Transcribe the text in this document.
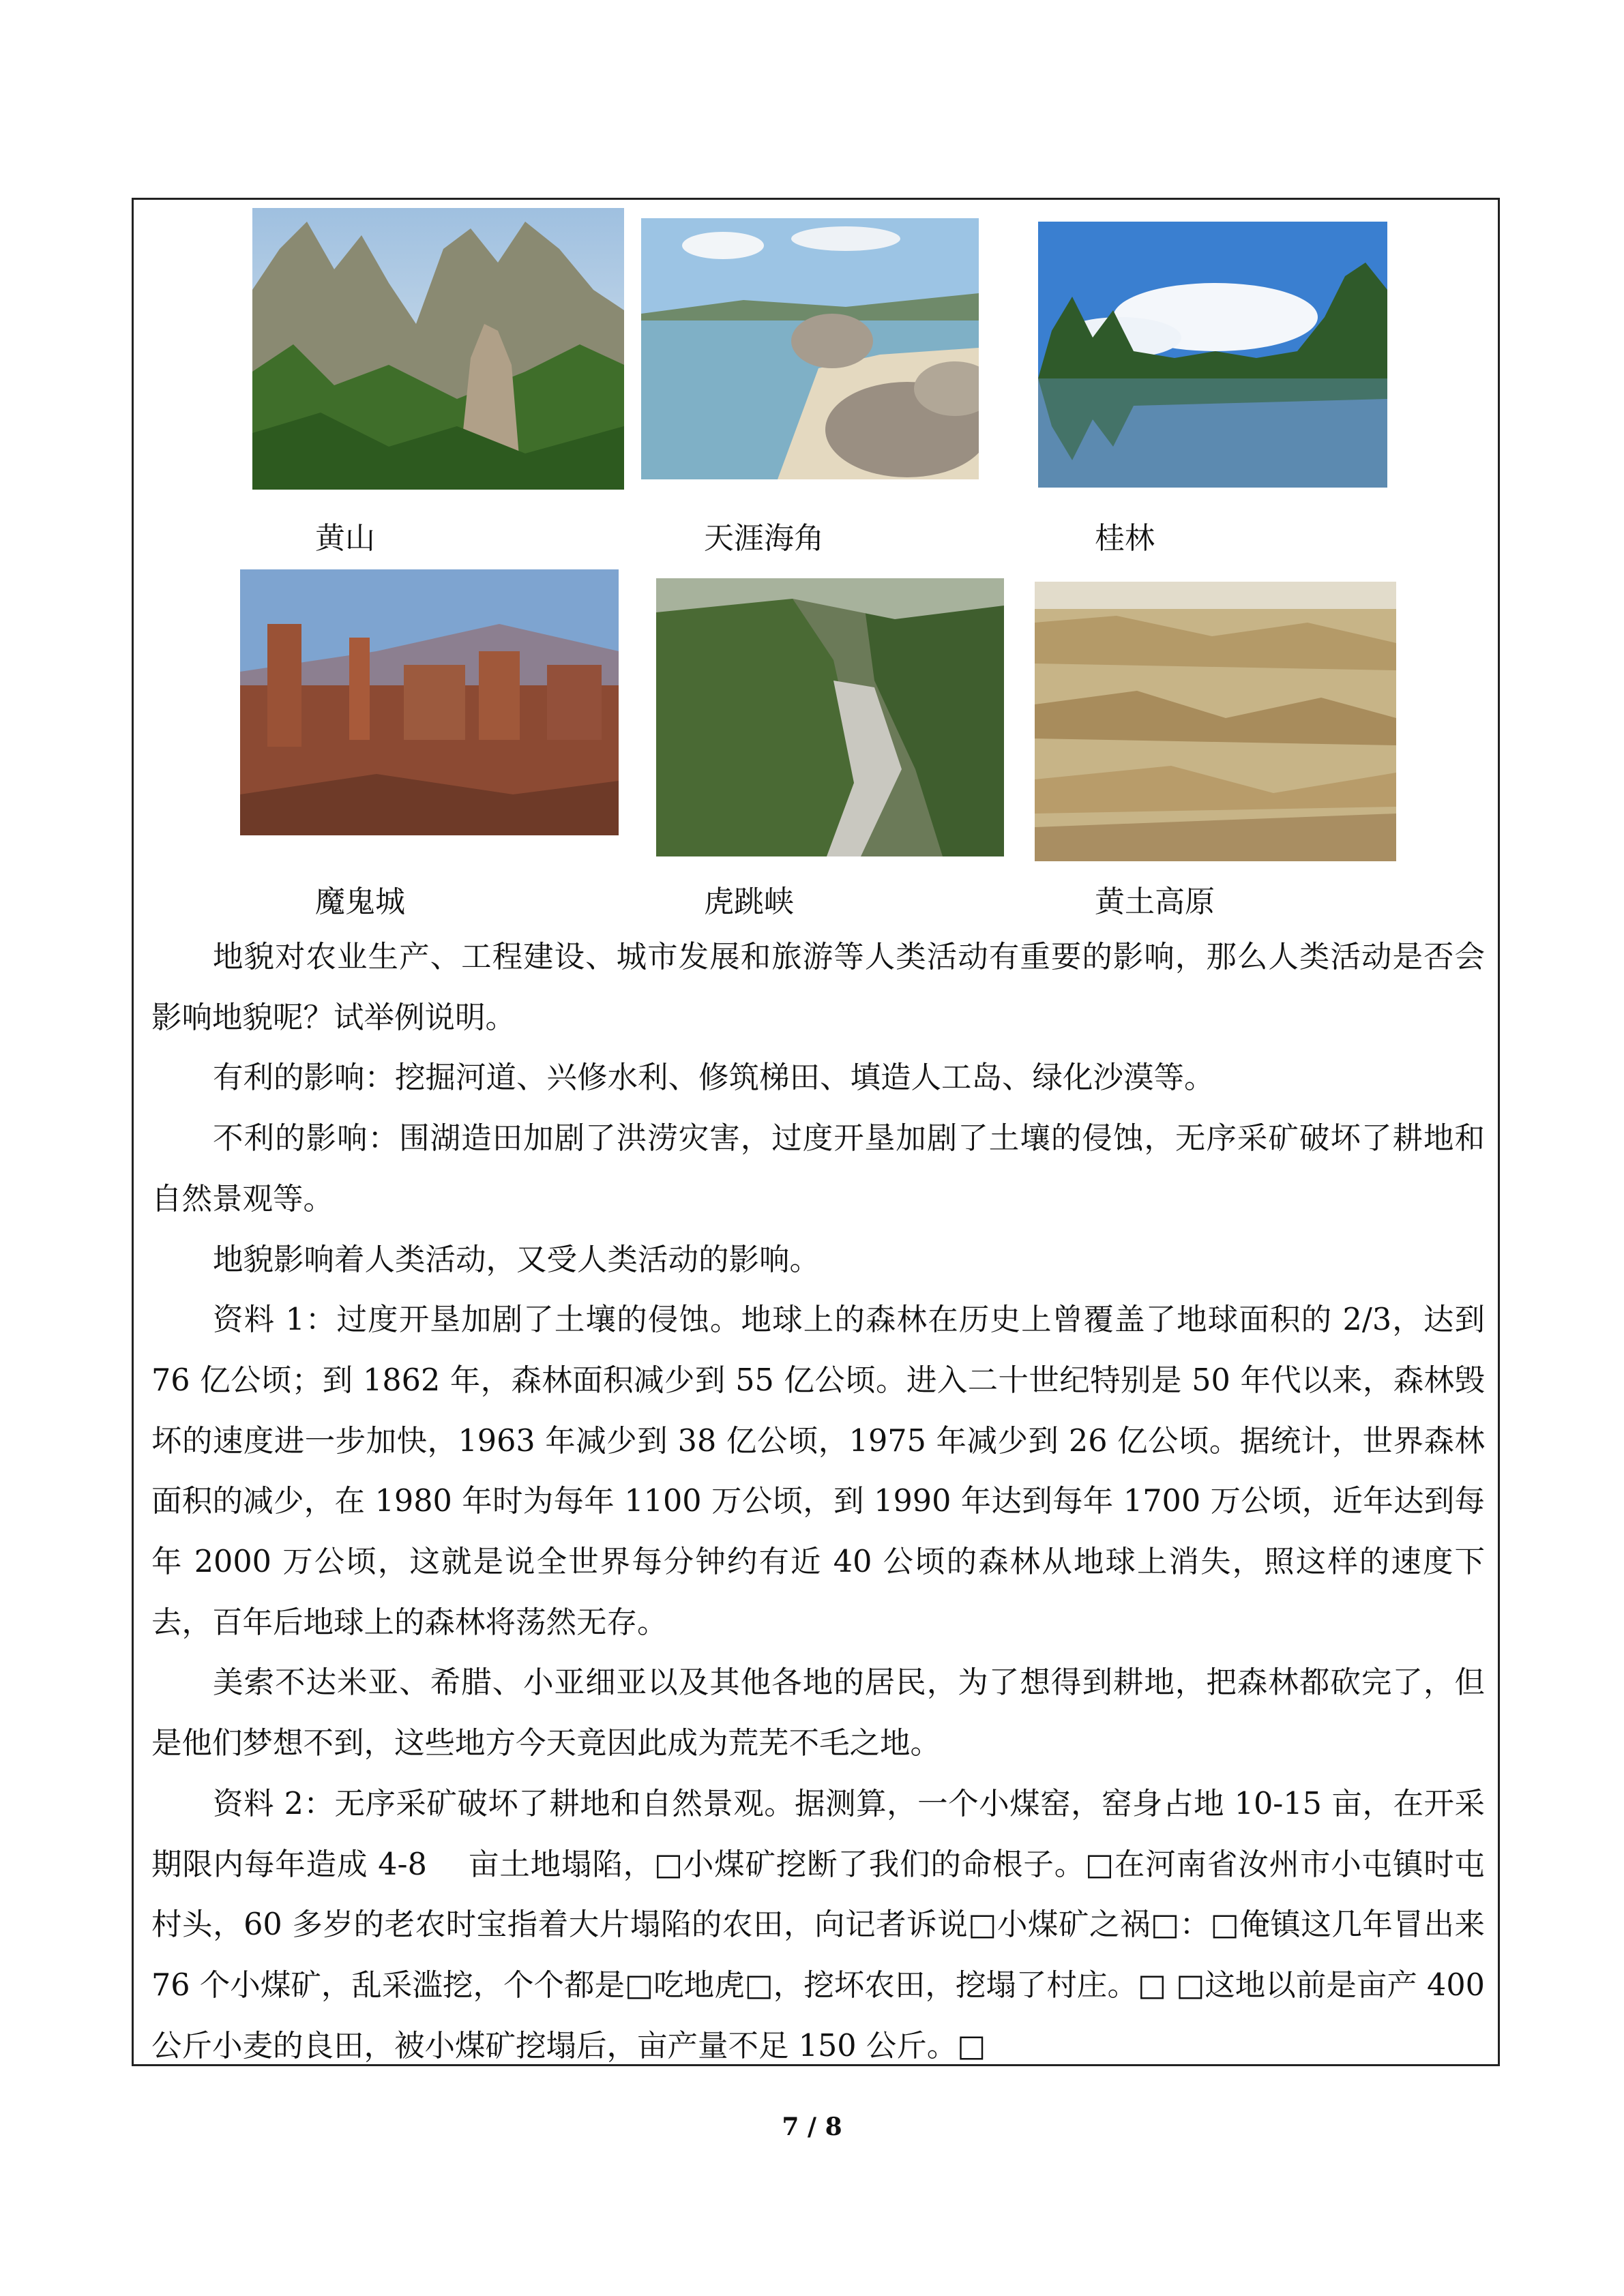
黄山	天涯海角	桂林
魔鬼城	虎跳峡	黄土高原

地貌对农业生产、工程建设、城市发展和旅游等人类活动有重要的影响，那么人类活动是否会影响地貌呢？试举例说明。

有利的影响：挖掘河道、兴修水利、修筑梯田、填造人工岛、绿化沙漠等。

不利的影响：围湖造田加剧了洪涝灾害，过度开垦加剧了土壤的侵蚀，无序采矿破坏了耕地和自然景观等。

地貌影响着人类活动，又受人类活动的影响。

资料 1：过度开垦加剧了土壤的侵蚀。地球上的森林在历史上曾覆盖了地球面积的 2/3，达到 76 亿公顷；到 1862 年，森林面积减少到 55 亿公顷。进入二十世纪特别是 50 年代以来，森林毁坏的速度进一步加快，1963 年减少到 38 亿公顷，1975 年减少到 26 亿公顷。据统计，世界森林面积的减少，在 1980 年时为每年 1100 万公顷，到 1990 年达到每年 1700 万公顷，近年达到每年 2000 万公顷，这就是说全世界每分钟约有近 40 公顷的森林从地球上消失，照这样的速度下去，百年后地球上的森林将荡然无存。

美索不达米亚、希腊、小亚细亚以及其他各地的居民，为了想得到耕地，把森林都砍完了，但是他们梦想不到，这些地方今天竟因此成为荒芜不毛之地。

资料 2：无序采矿破坏了耕地和自然景观。据测算，一个小煤窑，窑身占地 10-15 亩，在开采期限内每年造成 4-8　 亩土地塌陷，□小煤矿挖断了我们的命根子。□在河南省汝州市小屯镇时屯村头，60 多岁的老农时宝指着大片塌陷的农田，向记者诉说□小煤矿之祸□：□俺镇这几年冒出来 76 个小煤矿，乱采滥挖，个个都是□吃地虎□，挖坏农田，挖塌了村庄。□ □这地以前是亩产 400 公斤小麦的良田，被小煤矿挖塌后，亩产量不足 150 公斤。□

7 / 8
